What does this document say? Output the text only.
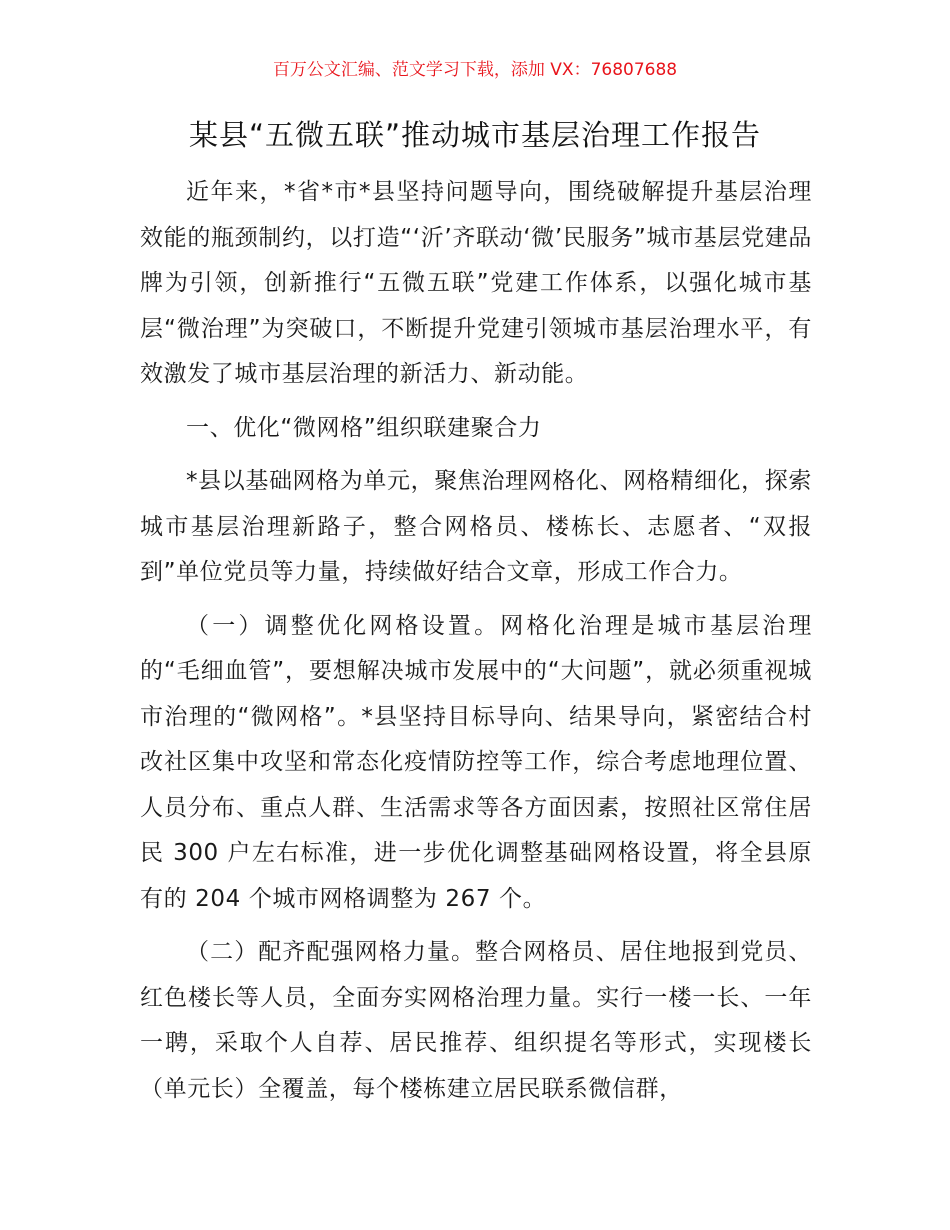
百万公文汇编、范文学习下载，添加 VX：76807688
某县“五微五联”推动城市基层治理工作报告

近年来，*省*市*县坚持问题导向，围绕破解提升基层治理效能的瓶颈制约，以打造“‘沂’齐联动‘微’民服务”城市基层党建品牌为引领，创新推行“五微五联”党建工作体系，以强化城市基层“微治理”为突破口，不断提升党建引领城市基层治理水平，有效激发了城市基层治理的新活力、新动能。

一、优化“微网格”组织联建聚合力

*县以基础网格为单元，聚焦治理网格化、网格精细化，探索城市基层治理新路子，整合网格员、楼栋长、志愿者、“双报到”单位党员等力量，持续做好结合文章，形成工作合力。

（一）调整优化网格设置。网格化治理是城市基层治理的“毛细血管”，要想解决城市发展中的“大问题”，就必须重视城市治理的“微网格”。*县坚持目标导向、结果导向，紧密结合村改社区集中攻坚和常态化疫情防控等工作，综合考虑地理位置、人员分布、重点人群、生活需求等各方面因素，按照社区常住居民 300 户左右标准，进一步优化调整基础网格设置，将全县原有的 204 个城市网格调整为 267 个。

（二）配齐配强网格力量。整合网格员、居住地报到党员、红色楼长等人员，全面夯实网格治理力量。实行一楼一长、一年一聘，采取个人自荐、居民推荐、组织提名等形式，实现楼长（单元长）全覆盖，每个楼栋建立居民联系微信群，
